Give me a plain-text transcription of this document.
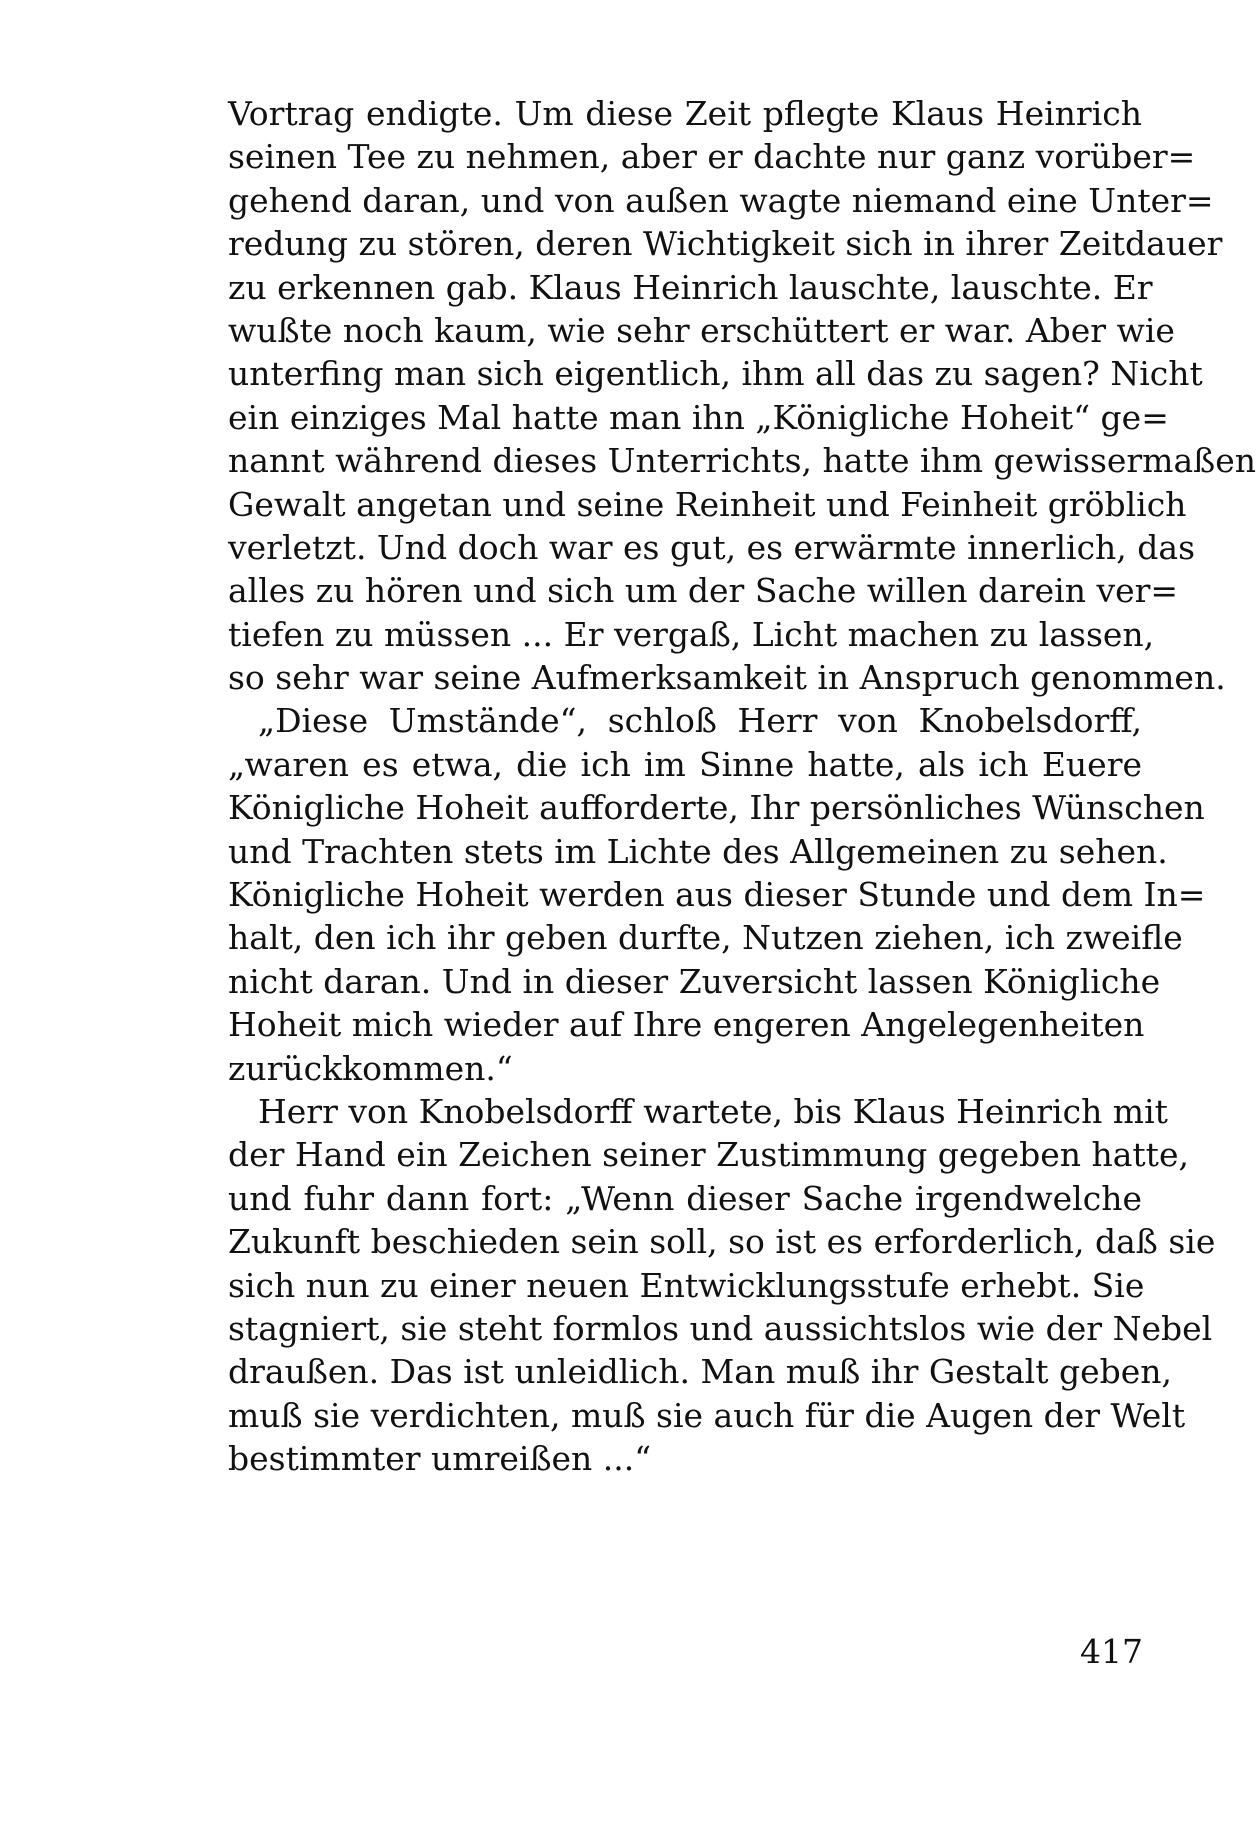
Vortrag endigte. Um diese Zeit pflegte Klaus Heinrich
seinen Tee zu nehmen, aber er dachte nur ganz vorüber=
gehend daran, und von außen wagte niemand eine Unter=
redung zu stören, deren Wichtigkeit sich in ihrer Zeitdauer
zu erkennen gab. Klaus Heinrich lauschte, lauschte. Er
wußte noch kaum, wie sehr erschüttert er war. Aber wie
unterfing man sich eigentlich, ihm all das zu sagen? Nicht
ein einziges Mal hatte man ihn „Königliche Hoheit“ ge=
nannt während dieses Unterrichts, hatte ihm gewissermaßen
Gewalt angetan und seine Reinheit und Feinheit gröblich
verletzt. Und doch war es gut, es erwärmte innerlich, das
alles zu hören und sich um der Sache willen darein ver=
tiefen zu müssen ... Er vergaß, Licht machen zu lassen,
so sehr war seine Aufmerksamkeit in Anspruch genommen.
„Diese Umstände“, schloß Herr von Knobelsdorff,
„waren es etwa, die ich im Sinne hatte, als ich Euere
Königliche Hoheit aufforderte, Ihr persönliches Wünschen
und Trachten stets im Lichte des Allgemeinen zu sehen.
Königliche Hoheit werden aus dieser Stunde und dem In=
halt, den ich ihr geben durfte, Nutzen ziehen, ich zweifle
nicht daran. Und in dieser Zuversicht lassen Königliche
Hoheit mich wieder auf Ihre engeren Angelegenheiten
zurückkommen.“
Herr von Knobelsdorff wartete, bis Klaus Heinrich mit
der Hand ein Zeichen seiner Zustimmung gegeben hatte,
und fuhr dann fort: „Wenn dieser Sache irgendwelche
Zukunft beschieden sein soll, so ist es erforderlich, daß sie
sich nun zu einer neuen Entwicklungsstufe erhebt. Sie
stagniert, sie steht formlos und aussichtslos wie der Nebel
draußen. Das ist unleidlich. Man muß ihr Gestalt geben,
muß sie verdichten, muß sie auch für die Augen der Welt
bestimmter umreißen ...“
417
